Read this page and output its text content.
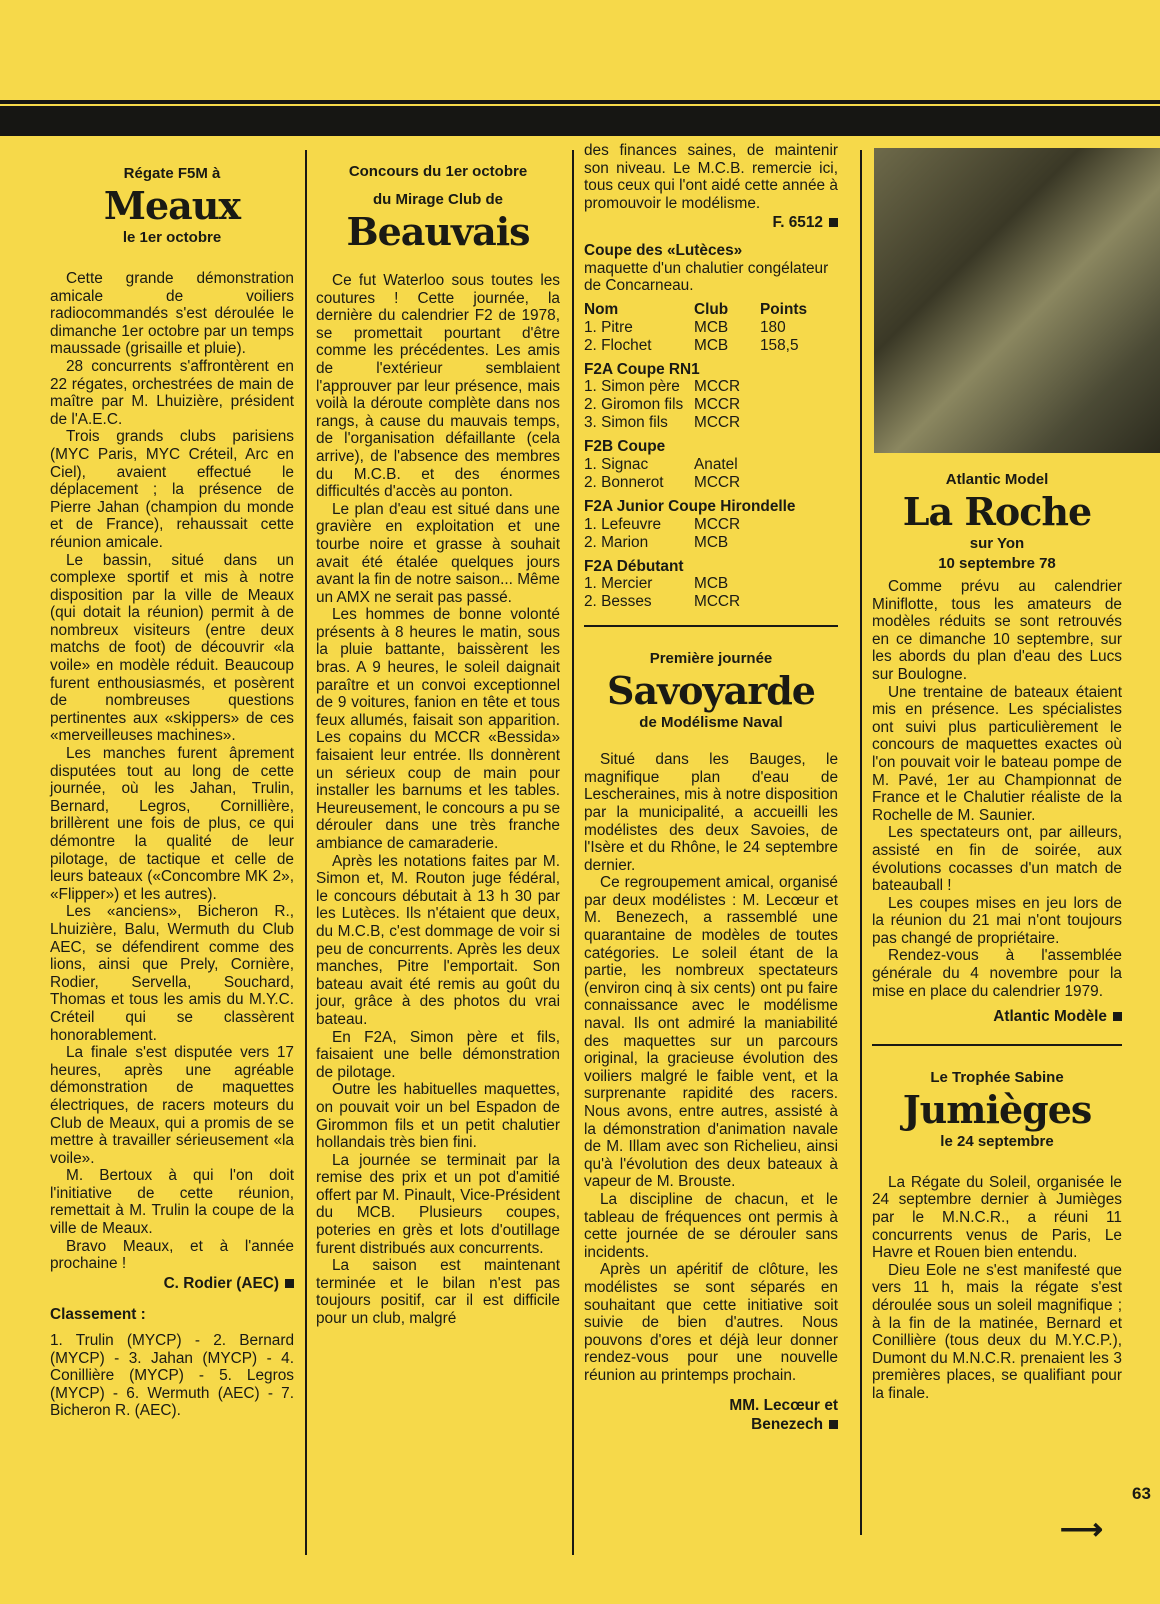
Régate F5M à
Meaux
le 1er octobre

Cette grande démonstration amicale de voiliers radiocommandés s'est déroulée le dimanche 1er octobre par un temps maussade (grisaille et pluie).

28 concurrents s'affrontèrent en 22 régates, orchestrées de main de maître par M. Lhuizière, président de l'A.E.C.

Trois grands clubs parisiens (MYC Paris, MYC Créteil, Arc en Ciel), avaient effectué le déplacement ; la présence de Pierre Jahan (champion du monde et de France), rehaussait cette réunion amicale.

Le bassin, situé dans un complexe sportif et mis à notre disposition par la ville de Meaux (qui dotait la réunion) permit à de nombreux visiteurs (entre deux matchs de foot) de découvrir «la voile» en modèle réduit. Beaucoup furent enthousiasmés, et posèrent de nombreuses questions pertinentes aux «skippers» de ces «merveilleuses machines».

Les manches furent âprement disputées tout au long de cette journée, où les Jahan, Trulin, Bernard, Legros, Cornillière, brillèrent une fois de plus, ce qui démontre la qualité de leur pilotage, de tactique et celle de leurs bateaux («Concombre MK 2», «Flipper») et les autres).

Les «anciens», Bicheron R., Lhuizière, Balu, Wermuth du Club AEC, se défendirent comme des lions, ainsi que Prely, Cornière, Rodier, Servella, Souchard, Thomas et tous les amis du M.Y.C. Créteil qui se classèrent honorablement.

La finale s'est disputée vers 17 heures, après une agréable démonstration de maquettes électriques, de racers moteurs du Club de Meaux, qui a promis de se mettre à travailler sérieusement «la voile».

M. Bertoux à qui l'on doit l'initiative de cette réunion, remettait à M. Trulin la coupe de la ville de Meaux.

Bravo Meaux, et à l'année prochaine !

C. Rodier (AEC)
Classement :

1. Trulin (MYCP) - 2. Bernard (MYCP) - 3. Jahan (MYCP) - 4. Conillière (MYCP) - 5. Legros (MYCP) - 6. Wermuth (AEC) - 7. Bicheron R. (AEC).

Concours du 1er octobre
du Mirage Club de
Beauvais

Ce fut Waterloo sous toutes les coutures ! Cette journée, la dernière du calendrier F2 de 1978, se promettait pourtant d'être comme les précédentes. Les amis de l'extérieur semblaient l'approuver par leur présence, mais voilà la déroute complète dans nos rangs, à cause du mauvais temps, de l'organisation défaillante (cela arrive), de l'absence des membres du M.C.B. et des énormes difficultés d'accès au ponton.

Le plan d'eau est situé dans une gravière en exploitation et une tourbe noire et grasse à souhait avait été étalée quelques jours avant la fin de notre saison... Même un AMX ne serait pas passé.

Les hommes de bonne volonté présents à 8 heures le matin, sous la pluie battante, baissèrent les bras. A 9 heures, le soleil daignait paraître et un convoi exceptionnel de 9 voitures, fanion en tête et tous feux allumés, faisait son apparition. Les copains du MCCR «Bessida» faisaient leur entrée. Ils donnèrent un sérieux coup de main pour installer les barnums et les tables. Heureusement, le concours a pu se dérouler dans une très franche ambiance de camaraderie.

Après les notations faites par M. Simon et, M. Routon juge fédéral, le concours débutait à 13 h 30 par les Lutèces. Ils n'étaient que deux, du M.C.B, c'est dommage de voir si peu de concurrents. Après les deux manches, Pitre l'emportait. Son bateau avait été remis au goût du jour, grâce à des photos du vrai bateau.

En F2A, Simon père et fils, faisaient une belle démonstration de pilotage.

Outre les habituelles maquettes, on pouvait voir un bel Espadon de Girommon fils et un petit chalutier hollandais très bien fini.

La journée se terminait par la remise des prix et un pot d'amitié offert par M. Pinault, Vice-Président du MCB. Plusieurs coupes, poteries en grès et lots d'outillage furent distribués aux concurrents.

La saison est maintenant terminée et le bilan n'est pas toujours positif, car il est difficile pour un club, malgré

des finances saines, de maintenir son niveau. Le M.C.B. remercie ici, tous ceux qui l'ont aidé cette année à promouvoir le modélisme.

F. 6512
Coupe des «Lutèces»
maquette d'un chalutier congélateur de Concarneau.
Nom	Club	Points
1. Pitre	MCB	180
2. Flochet	MCB	158,5
F2A Coupe RN1
1. Simon père	MCCR
2. Giromon fils	MCCR
3. Simon fils	MCCR
F2B Coupe
1. Signac	Anatel
2. Bonnerot	MCCR
F2A Junior Coupe Hirondelle
1. Lefeuvre	MCCR
2. Marion	MCB
F2A Débutant
1. Mercier	MCB
2. Besses	MCCR
Première journée
Savoyarde
de Modélisme Naval

Situé dans les Bauges, le magnifique plan d'eau de Lescheraines, mis à notre disposition par la municipalité, a accueilli les modélistes des deux Savoies, de l'Isère et du Rhône, le 24 septembre dernier.

Ce regroupement amical, organisé par deux modélistes : M. Lecœur et M. Benezech, a rassemblé une quarantaine de modèles de toutes catégories. Le soleil étant de la partie, les nombreux spectateurs (environ cinq à six cents) ont pu faire connaissance avec le modélisme naval. Ils ont admiré la maniabilité des maquettes sur un parcours original, la gracieuse évolution des voiliers malgré le faible vent, et la surprenante rapidité des racers. Nous avons, entre autres, assisté à la démonstration d'animation navale de M. Illam avec son Richelieu, ainsi qu'à l'évolution des deux bateaux à vapeur de M. Brouste.

La discipline de chacun, et le tableau de fréquences ont permis à cette journée de se dérouler sans incidents.

Après un apéritif de clôture, les modélistes se sont séparés en souhaitant que cette initiative soit suivie de bien d'autres. Nous pouvons d'ores et déjà leur donner rendez-vous pour une nouvelle réunion au printemps prochain.

MM. Lecœur et
Benezech
Atlantic Model
La Roche
sur Yon
10 septembre 78

Comme prévu au calendrier Miniflotte, tous les amateurs de modèles réduits se sont retrouvés en ce dimanche 10 septembre, sur les abords du plan d'eau des Lucs sur Boulogne.

Une trentaine de bateaux étaient mis en présence. Les spécialistes ont suivi plus particulièrement le concours de maquettes exactes où l'on pouvait voir le bateau pompe de M. Pavé, 1er au Championnat de France et le Chalutier réaliste de la Rochelle de M. Saunier.

Les spectateurs ont, par ailleurs, assisté en fin de soirée, aux évolutions cocasses d'un match de bateauball !

Les coupes mises en jeu lors de la réunion du 21 mai n'ont toujours pas changé de propriétaire.

Rendez-vous à l'assemblée générale du 4 novembre pour la mise en place du calendrier 1979.

Atlantic Modèle
Le Trophée Sabine
Jumièges
le 24 septembre

La Régate du Soleil, organisée le 24 septembre dernier à Jumièges par le M.N.C.R., a réuni 11 concurrents venus de Paris, Le Havre et Rouen bien entendu.

Dieu Eole ne s'est manifesté que vers 11 h, mais la régate s'est déroulée sous un soleil magnifique ; à la fin de la matinée, Bernard et Conillière (tous deux du M.Y.C.P.), Dumont du M.N.C.R. prenaient les 3 premières places, se qualifiant pour la finale.

63
⟶
